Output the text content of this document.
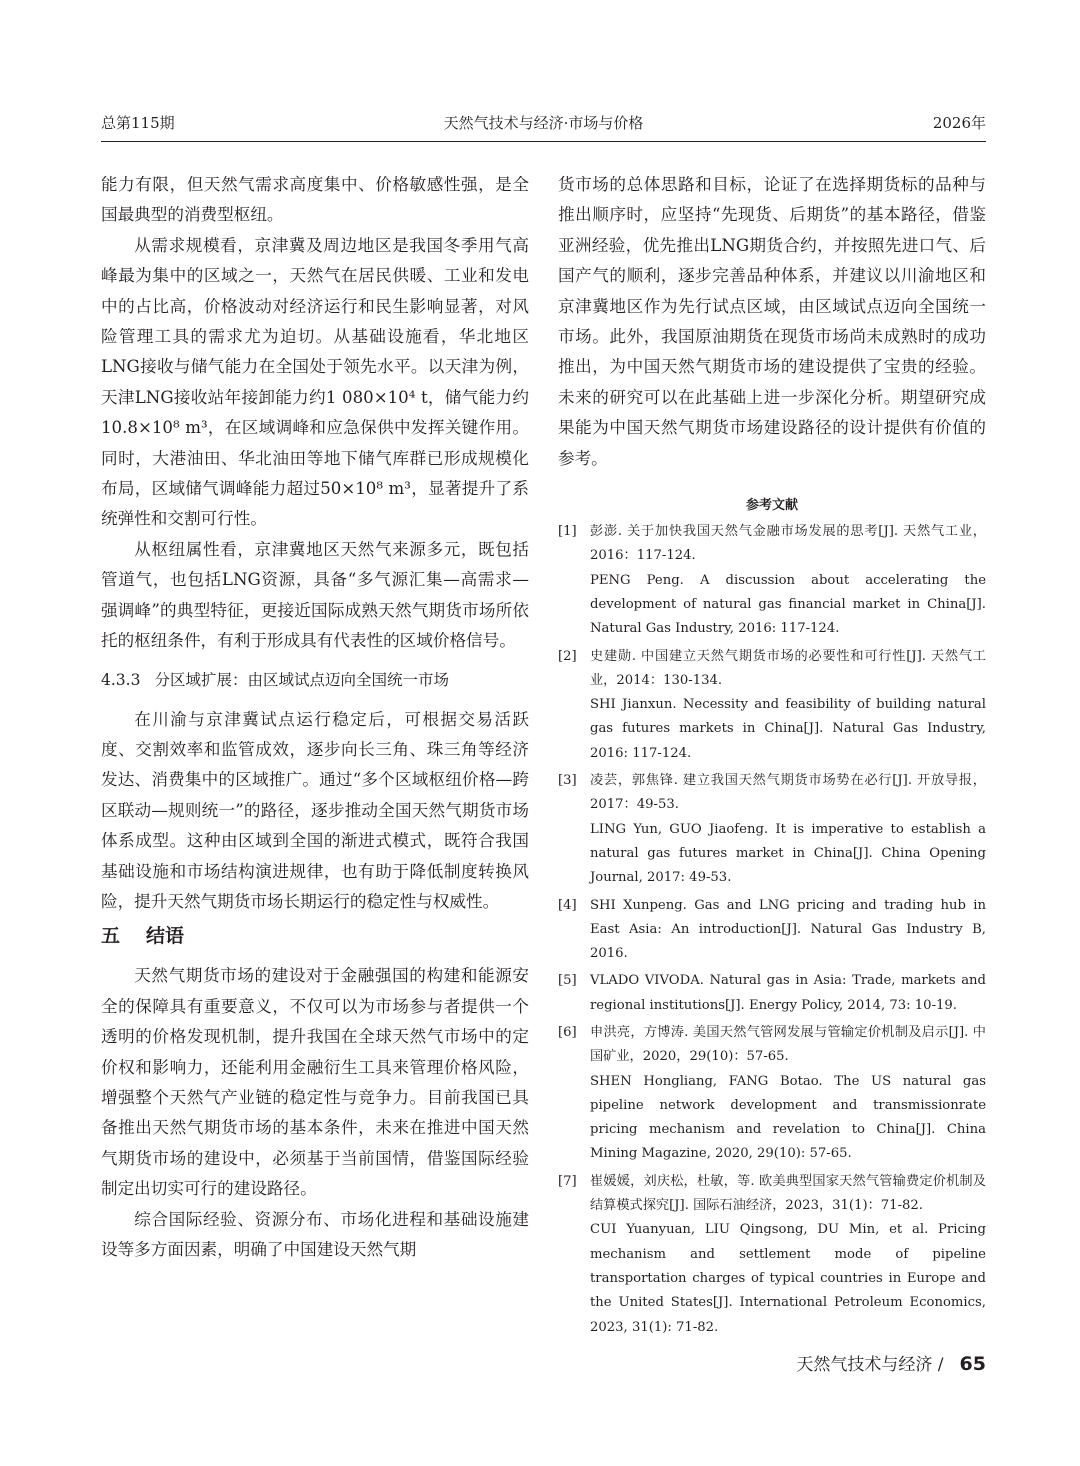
总第115期	天然气技术与经济·市场与价格	2026年

能力有限，但天然气需求高度集中、价格敏感性强，是全国最典型的消费型枢纽。

从需求规模看，京津冀及周边地区是我国冬季用气高峰最为集中的区域之一，天然气在居民供暖、工业和发电中的占比高，价格波动对经济运行和民生影响显著，对风险管理工具的需求尤为迫切。从基础设施看，华北地区LNG接收与储气能力在全国处于领先水平。以天津为例，天津LNG接收站年接卸能力约1 080×10⁴ t，储气能力约10.8×10⁸ m³，在区域调峰和应急保供中发挥关键作用。同时，大港油田、华北油田等地下储气库群已形成规模化布局，区域储气调峰能力超过50×10⁸ m³，显著提升了系统弹性和交割可行性。

从枢纽属性看，京津冀地区天然气来源多元，既包括管道气，也包括LNG资源，具备“多气源汇集—高需求—强调峰”的典型特征，更接近国际成熟天然气期货市场所依托的枢纽条件，有利于形成具有代表性的区域价格信号。

4.3.3 分区域扩展：由区域试点迈向全国统一市场

在川渝与京津冀试点运行稳定后，可根据交易活跃度、交割效率和监管成效，逐步向长三角、珠三角等经济发达、消费集中的区域推广。通过“多个区域枢纽价格—跨区联动—规则统一”的路径，逐步推动全国天然气期货市场体系成型。这种由区域到全国的渐进式模式，既符合我国基础设施和市场结构演进规律，也有助于降低制度转换风险，提升天然气期货市场长期运行的稳定性与权威性。

五 结语

天然气期货市场的建设对于金融强国的构建和能源安全的保障具有重要意义，不仅可以为市场参与者提供一个透明的价格发现机制，提升我国在全球天然气市场中的定价权和影响力，还能利用金融衍生工具来管理价格风险，增强整个天然气产业链的稳定性与竞争力。目前我国已具备推出天然气期货市场的基本条件，未来在推进中国天然气期货市场的建设中，必须基于当前国情，借鉴国际经验制定出切实可行的建设路径。

综合国际经验、资源分布、市场化进程和基础设施建设等多方面因素，明确了中国建设天然气期

货市场的总体思路和目标，论证了在选择期货标的品种与推出顺序时，应坚持“先现货、后期货”的基本路径，借鉴亚洲经验，优先推出LNG期货合约，并按照先进口气、后国产气的顺利，逐步完善品种体系，并建议以川渝地区和京津冀地区作为先行试点区域，由区域试点迈向全国统一市场。此外，我国原油期货在现货市场尚未成熟时的成功推出，为中国天然气期货市场的建设提供了宝贵的经验。未来的研究可以在此基础上进一步深化分析。期望研究成果能为中国天然气期货市场建设路径的设计提供有价值的参考。

参考文献
[1] 彭澎. 关于加快我国天然气金融市场发展的思考[J]. 天然气工业，2016：117-124.
PENG Peng. A discussion about accelerating the development of natural gas financial market in China[J]. Natural Gas Industry, 2016: 117-124.
[2] 史建勋. 中国建立天然气期货市场的必要性和可行性[J]. 天然气工业，2014：130-134.
SHI Jianxun. Necessity and feasibility of building natural gas futures markets in China[J]. Natural Gas Industry, 2016: 117-124.
[3] 凌芸，郭焦锋. 建立我国天然气期货市场势在必行[J]. 开放导报，2017：49-53.
LING Yun, GUO Jiaofeng. It is imperative to establish a natural gas futures market in China[J]. China Opening Journal, 2017: 49-53.
[4] SHI Xunpeng. Gas and LNG pricing and trading hub in East Asia: An introduction[J]. Natural Gas Industry B, 2016.
[5] VLADO VIVODA. Natural gas in Asia: Trade, markets and regional institutions[J]. Energy Policy, 2014, 73: 10-19.
[6] 申洪亮，方博涛. 美国天然气管网发展与管输定价机制及启示[J]. 中国矿业，2020，29(10)：57-65.
SHEN Hongliang, FANG Botao. The US natural gas pipeline network development and transmissionrate pricing mechanism and revelation to China[J]. China Mining Magazine, 2020, 29(10): 57-65.
[7] 崔媛媛，刘庆松，杜敏，等. 欧美典型国家天然气管输费定价机制及结算模式探究[J]. 国际石油经济，2023，31(1)：71-82.
CUI Yuanyuan, LIU Qingsong, DU Min, et al. Pricing mechanism and settlement mode of pipeline transportation charges of typical countries in Europe and the United States[J]. International Petroleum Economics, 2023, 31(1): 71-82.
天然气技术与经济 / 65
